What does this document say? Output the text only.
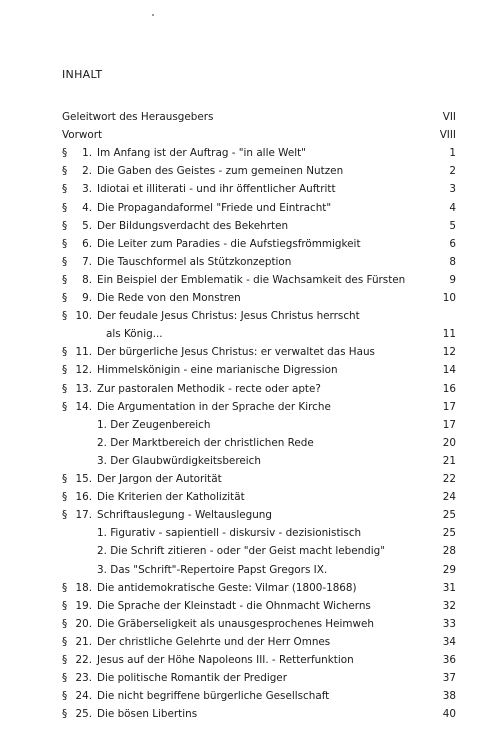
INHALT
Geleitwort des Herausgebers	VII
Vorwort	VIII
§	1. Im Anfang ist der Auftrag - "in alle Welt"	1
§	2. Die Gaben des Geistes - zum gemeinen Nutzen	2
§	3. Idiotai et illiterati - und ihr öffentlicher Auftritt	3
§	4. Die Propagandaformel "Friede und Eintracht"	4
§	5. Der Bildungsverdacht des Bekehrten	5
§	6. Die Leiter zum Paradies - die Aufstiegsfrömmigkeit	6
§	7. Die Tauschformel als Stützkonzeption	8
§	8. Ein Beispiel der Emblematik - die Wachsamkeit des Fürsten	9
§	9. Die Rede von den Monstren	10
§ 10. Der feudale Jesus Christus: Jesus Christus herrscht
als König...	11
§ 11. Der bürgerliche Jesus Christus: er verwaltet das Haus	12
§ 12. Himmelskönigin - eine marianische Digression	14
§ 13. Zur pastoralen Methodik - recte oder apte?	16
§ 14. Die Argumentation in der Sprache der Kirche	17
1. Der Zeugenbereich	17
2. Der Marktbereich der christlichen Rede	20
3. Der Glaubwürdigkeitsbereich	21
§ 15. Der Jargon der Autorität	22
§ 16. Die Kriterien der Katholizität	24
§ 17. Schriftauslegung - Weltauslegung	25
1. Figurativ - sapientiell - diskursiv - dezisionistisch	25
2. Die Schrift zitieren - oder "der Geist macht lebendig"	28
3. Das "Schrift"-Repertoire Papst Gregors IX.	29
§ 18. Die antidemokratische Geste: Vilmar (1800-1868)	31
§ 19. Die Sprache der Kleinstadt - die Ohnmacht Wicherns	32
§ 20. Die Gräberseligkeit als unausgesprochenes Heimweh	33
§ 21. Der christliche Gelehrte und der Herr Omnes	34
§ 22. Jesus auf der Höhe Napoleons III. - Retterfunktion	36
§ 23. Die politische Romantik der Prediger	37
§ 24. Die nicht begriffene bürgerliche Gesellschaft	38
§ 25. Die bösen Libertins	40
